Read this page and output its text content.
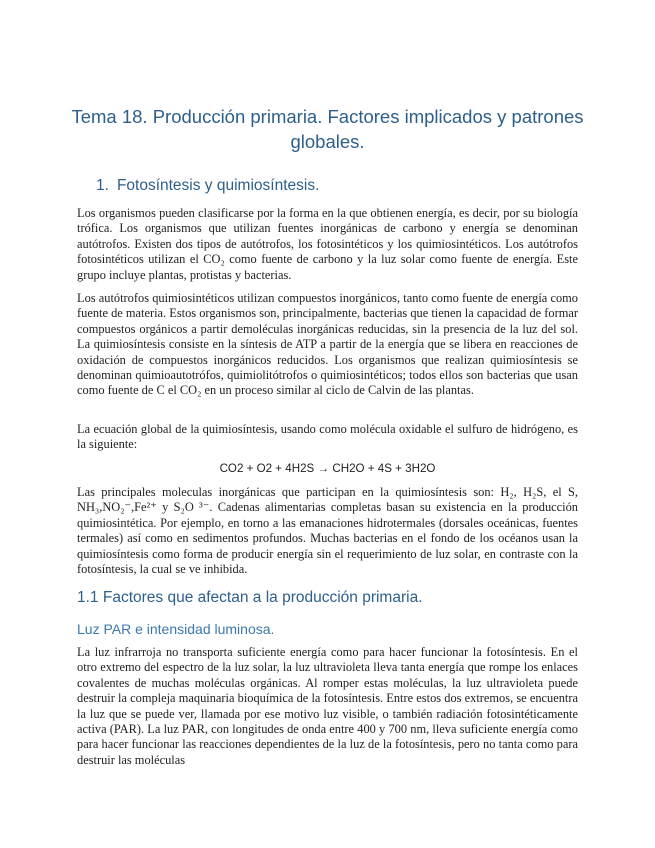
Tema 18. Producción primaria. Factores implicados y patrones globales.
1. Fotosíntesis y quimiosíntesis.
Los organismos pueden clasificarse por la forma en la que obtienen energía, es decir, por su biología trófica. Los organismos que utilizan fuentes inorgánicas de carbono y energía se denominan autótrofos. Existen dos tipos de autótrofos, los fotosintéticos y los quimiosintéticos. Los autótrofos fotosintéticos utilizan el CO₂ como fuente de carbono y la luz solar como fuente de energía. Este grupo incluye plantas, protistas y bacterias.
Los autótrofos quimiosintéticos utilizan compuestos inorgánicos, tanto como fuente de energía como fuente de materia. Estos organismos son, principalmente, bacterias que tienen la capacidad de formar compuestos orgánicos a partir demoléculas inorgánicas reducidas, sin la presencia de la luz del sol. La quimiosíntesis consiste en la síntesis de ATP a partir de la energía que se libera en reacciones de oxidación de compuestos inorgánicos reducidos. Los organismos que realizan quimiosíntesis se denominan quimioautotrófos, quimiolitótrofos o quimiosintéticos; todos ellos son bacterias que usan como fuente de C el CO₂ en un proceso similar al ciclo de Calvin de las plantas.
La ecuación global de la quimiosíntesis, usando como molécula oxidable el sulfuro de hidrógeno, es la siguiente:
CO2 + O2 + 4H2S → CH2O + 4S + 3H2O
Las principales moleculas inorgánicas que participan en la quimiosíntesis son: H₂, H₂S, el S, NH₃,NO₂⁻,Fe²⁺ y S₂O ³⁻. Cadenas alimentarias completas basan su existencia en la producción quimiosintética. Por ejemplo, en torno a las emanaciones hidrotermales (dorsales oceánicas, fuentes termales) así como en sedimentos profundos. Muchas bacterias en el fondo de los océanos usan la quimiosíntesis como forma de producir energía sin el requerimiento de luz solar, en contraste con la fotosíntesis, la cual se ve inhibida.
1.1 Factores que afectan a la producción primaria.
Luz PAR e intensidad luminosa.
La luz infrarroja no transporta suficiente energía como para hacer funcionar la fotosíntesis. En el otro extremo del espectro de la luz solar, la luz ultravioleta lleva tanta energía que rompe los enlaces covalentes de muchas moléculas orgánicas. Al romper estas moléculas, la luz ultravioleta puede destruir la compleja maquinaria bioquímica de la fotosíntesis. Entre estos dos extremos, se encuentra la luz que se puede ver, llamada por ese motivo luz visible, o también radiación fotosintéticamente activa (PAR). La luz PAR, con longitudes de onda entre 400 y 700 nm, lleva suficiente energía como para hacer funcionar las reacciones dependientes de la luz de la fotosíntesis, pero no tanta como para destruir las moléculas
